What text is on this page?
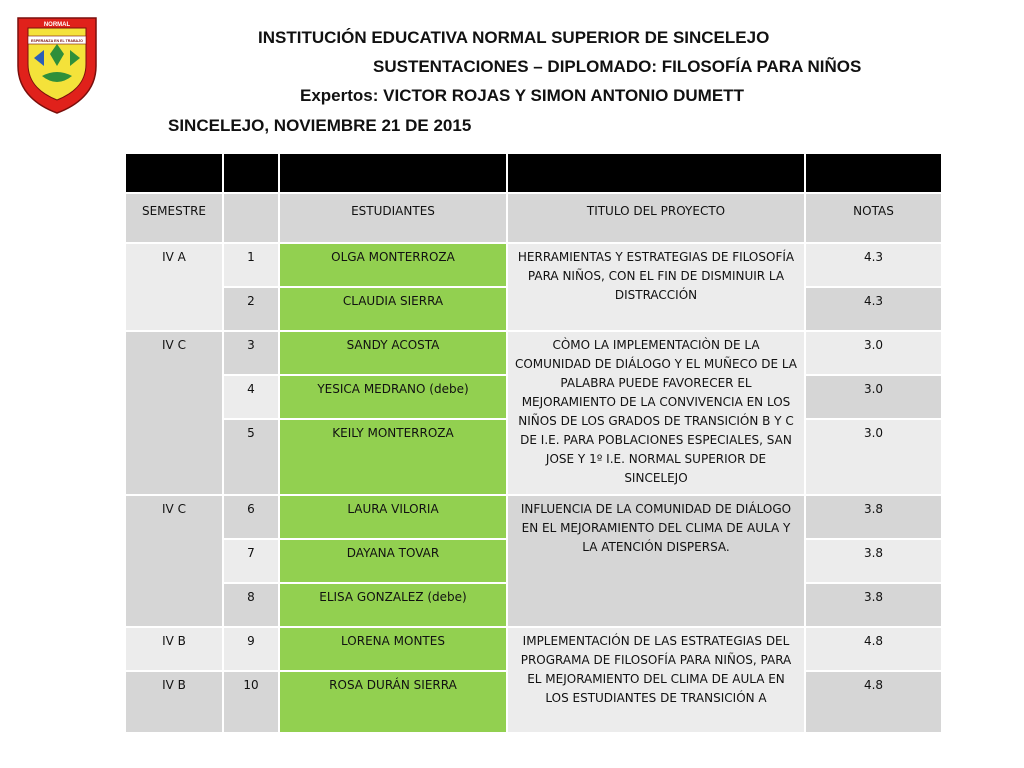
NORMAL
ESPERANZA EN EL TRABAJO	INSTITUCIÓN EDUCATIVA NORMAL SUPERIOR DE SINCELEJO
SUSTENTACIONES – DIPLOMADO: FILOSOFÍA PARA NIÑOS
Expertos: VICTOR ROJAS Y SIMON ANTONIO DUMETT
SINCELEJO, NOVIEMBRE 21 DE 2015

SEMESTRE		ESTUDIANTES	TITULO DEL PROYECTO	NOTAS
IV A	1	OLGA MONTERROZA	HERRAMIENTAS Y ESTRATEGIAS DE FILOSOFÍA PARA NIÑOS, CON EL FIN DE DISMINUIR LA DISTRACCIÓN	4.3
	2	CLAUDIA SIERRA		4.3
IV C	3	SANDY ACOSTA	CÒMO LA IMPLEMENTACIÒN DE LA COMUNIDAD DE DIÁLOGO Y EL MUÑECO DE LA PALABRA PUEDE FAVORECER EL MEJORAMIENTO DE LA CONVIVENCIA EN LOS NIÑOS DE LOS GRADOS DE TRANSICIÓN B Y C DE I.E. PARA POBLACIONES ESPECIALES, SAN JOSE Y 1º I.E. NORMAL SUPERIOR DE SINCELEJO	3.0
	4	YESICA MEDRANO (debe)		3.0
	5	KEILY MONTERROZA		3.0
IV C	6	LAURA VILORIA	INFLUENCIA DE LA COMUNIDAD DE DIÁLOGO EN EL MEJORAMIENTO DEL CLIMA DE AULA Y LA ATENCIÓN DISPERSA.	3.8
	7	DAYANA TOVAR		3.8
	8	ELISA GONZALEZ (debe)		3.8
IV B	9	LORENA MONTES	IMPLEMENTACIÓN DE LAS ESTRATEGIAS DEL PROGRAMA DE FILOSOFÍA PARA NIÑOS, PARA EL MEJORAMIENTO DEL CLIMA DE AULA EN LOS ESTUDIANTES DE TRANSICIÓN A	4.8
IV B	10	ROSA DURÁN SIERRA		4.8
